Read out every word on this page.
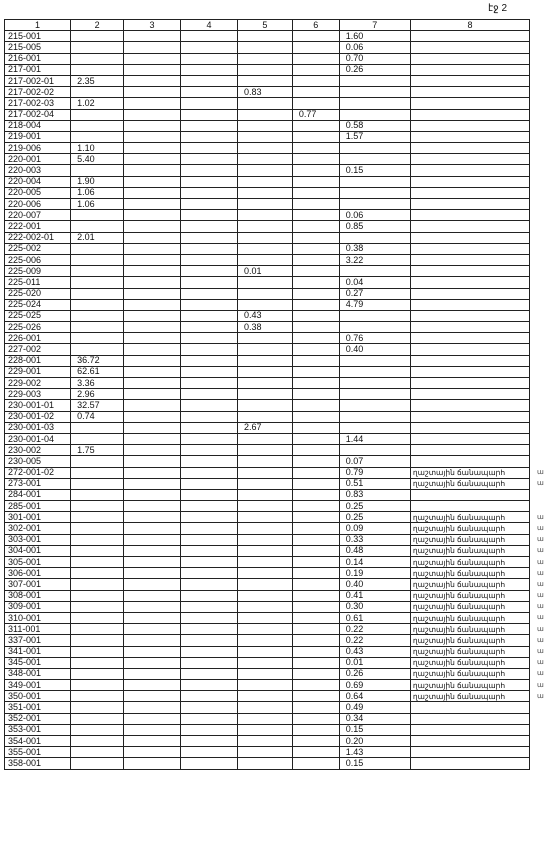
էջ 2
1	2	3	4	5	6	7	8
215-001						1.60	
215-005						0.06	
216-001						0.70	
217-001						0.26	
217-002-01	2.35						
217-002-02				0.83			
217-002-03	1.02						
217-002-04					0.77		
218-004						0.58	
219-001						1.57	
219-006	1.10						
220-001	5.40						
220-003						0.15	
220-004	1.90						
220-005	1.06						
220-006	1.06						
220-007						0.06	
222-001						0.85	
222-002-01	2.01						
225-002						0.38	
225-006						3.22	
225-009				0.01			
225-011						0.04	
225-020						0.27	
225-024						4.79	
225-025				0.43			
225-026				0.38			
226-001						0.76	
227-002						0.40	
228-001	36.72						
229-001	62.61						
229-002	3.36						
229-003	2.96						
230-001-01	32.57						
230-001-02	0.74						
230-001-03				2.67			
230-001-04						1.44	
230-002	1.75						
230-005						0.07	
272-001-02						0.79	ղաշտային ճանապարհ
273-001						0.51	ղաշտային ճանապարհ
284-001						0.83	
285-001						0.25	
301-001						0.25	ղաշտային ճանապարհ
302-001						0.09	ղաշտային ճանապարհ
303-001						0.33	ղաշտային ճանապարհ
304-001						0.48	ղաշտային ճանապարհ
305-001						0.14	ղաշտային ճանապարհ
306-001						0.19	ղաշտային ճանապարհ
307-001						0.40	ղաշտային ճանապարհ
308-001						0.41	ղաշտային ճանապարհ
309-001						0.30	ղաշտային ճանապարհ
310-001						0.61	ղաշտային ճանապարհ
311-001						0.22	ղաշտային ճանապարհ
337-001						0.22	ղաշտային ճանապարհ
341-001						0.43	ղաշտային ճանապարհ
345-001						0.01	ղաշտային ճանապարհ
348-001						0.26	ղաշտային ճանապարհ
349-001						0.69	ղաշտային ճանապարհ
350-001						0.64	ղաշտային ճանապարհ
351-001						0.49	
352-001						0.34	
353-001						0.15	
354-001						0.20	
355-001						1.43	
358-001						0.15	
ա
ա
ա
ա
ա
ա
ա
ա
ա
ա
ա
ա
ա
ա
ա
ա
ա
ա
ա
